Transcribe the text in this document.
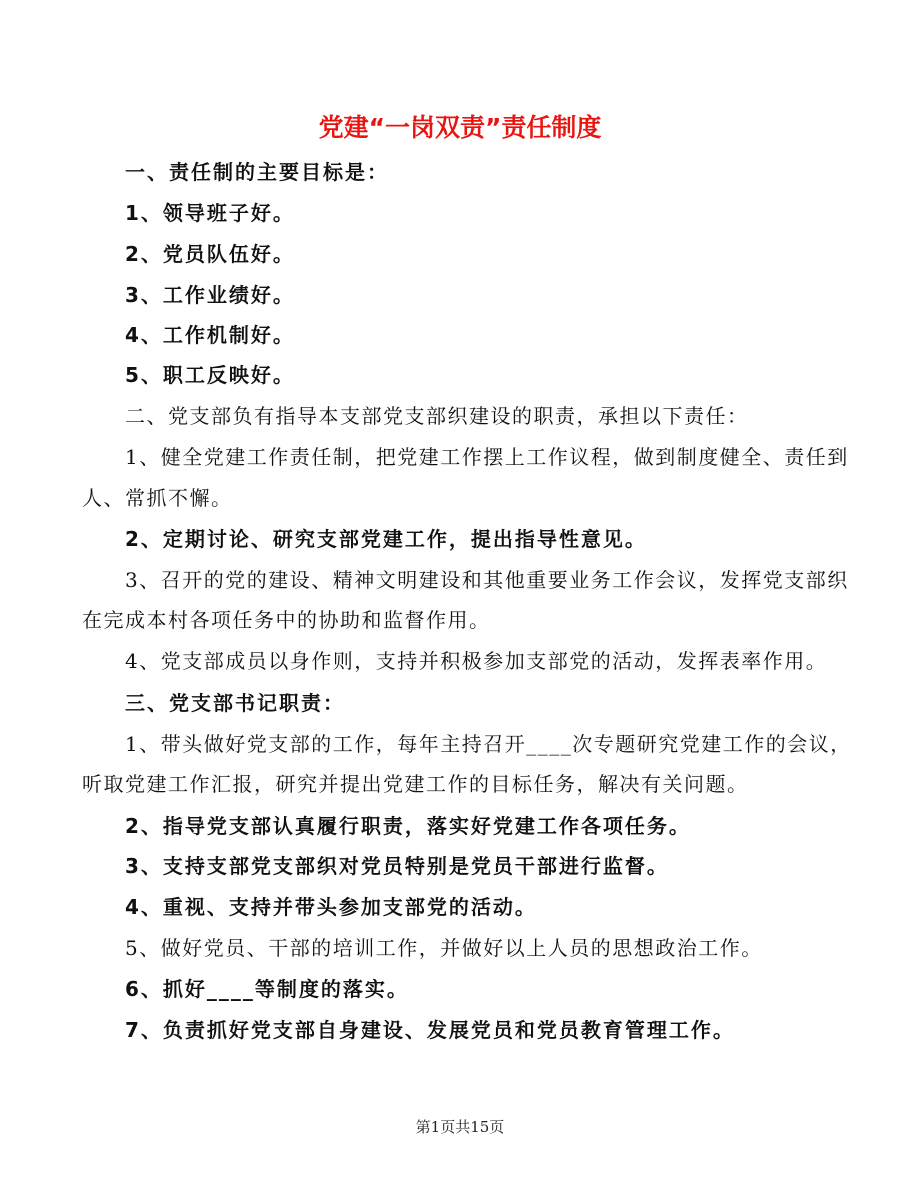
党建“一岗双责”责任制度
一、责任制的主要目标是：
1、领导班子好。
2、党员队伍好。
3、工作业绩好。
4、工作机制好。
5、职工反映好。
二、党支部负有指导本支部党支部织建设的职责，承担以下责任：
1、健全党建工作责任制，把党建工作摆上工作议程，做到制度健全、责任到
人、常抓不懈。
2、定期讨论、研究支部党建工作，提出指导性意见。
3、召开的党的建设、精神文明建设和其他重要业务工作会议，发挥党支部织
在完成本村各项任务中的协助和监督作用。
4、党支部成员以身作则，支持并积极参加支部党的活动，发挥表率作用。
三、党支部书记职责：
1、带头做好党支部的工作，每年主持召开____次专题研究党建工作的会议，
听取党建工作汇报，研究并提出党建工作的目标任务，解决有关问题。
2、指导党支部认真履行职责，落实好党建工作各项任务。
3、支持支部党支部织对党员特别是党员干部进行监督。
4、重视、支持并带头参加支部党的活动。
5、做好党员、干部的培训工作，并做好以上人员的思想政治工作。
6、抓好____等制度的落实。
7、负责抓好党支部自身建设、发展党员和党员教育管理工作。
第1页共15页
